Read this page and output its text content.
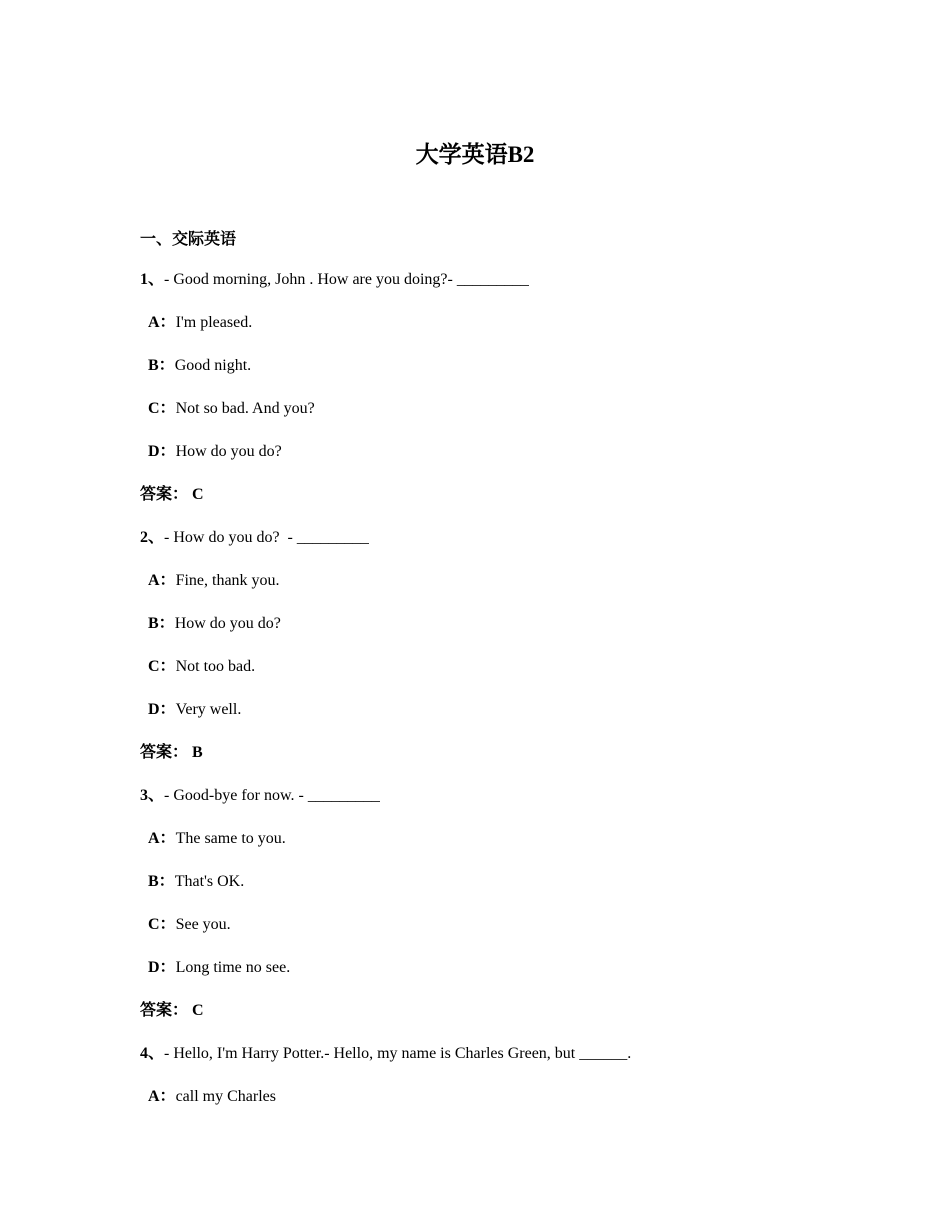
大学英语B2
一、交际英语
1、- Good morning, John . How are you doing?- _________
A：I'm pleased.
B：Good night.
C：Not so bad. And you?
D：How do you do?
答案： C
2、- How do you do?  - _________
A：Fine, thank you.
B：How do you do?
C：Not too bad.
D：Very well.
答案： B
3、- Good-bye for now. - _________
A：The same to you.
B：That's OK.
C：See you.
D：Long time no see.
答案： C
4、- Hello, I'm Harry Potter.- Hello, my name is Charles Green, but ______.
A：call my Charles
